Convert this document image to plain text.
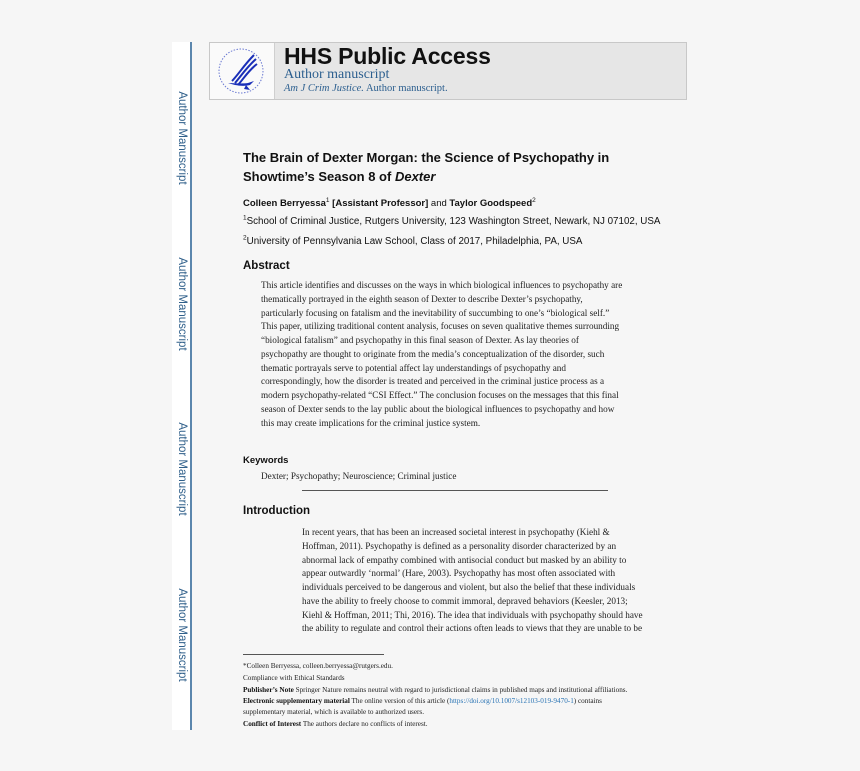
Author Manuscript
Author Manuscript
Author Manuscript
Author Manuscript
HHS Public Access
Author manuscript
Am J Crim Justice. Author manuscript.
The Brain of Dexter Morgan: the Science of Psychopathy in
Showtime’s Season 8 of Dexter
Colleen Berryessa$^1$ [Assistant Professor] and Taylor Goodspeed$^2$
$^1$School of Criminal Justice, Rutgers University, 123 Washington Street, Newark, NJ 07102, USA
$^2$University of Pennsylvania Law School, Class of 2017, Philadelphia, PA, USA
Abstract
This article identifies and discusses on the ways in which biological influences to psychopathy are
thematically portrayed in the eighth season of Dexter to describe Dexter’s psychopathy,
particularly focusing on fatalism and the inevitability of succumbing to one’s “biological self.”
This paper, utilizing traditional content analysis, focuses on seven qualitative themes surrounding
“biological fatalism” and psychopathy in this final season of Dexter. As lay theories of
psychopathy are thought to originate from the media’s conceptualization of the disorder, such
thematic portrayals serve to potential affect lay understandings of psychopathy and
correspondingly, how the disorder is treated and perceived in the criminal justice process as a
modern psychopathy-related “CSI Effect.” The conclusion focuses on the messages that this final
season of Dexter sends to the lay public about the biological influences to psychopathy and how
this may create implications for the criminal justice system.
Keywords
Dexter; Psychopathy; Neuroscience; Criminal justice
Introduction
In recent years, that has been an increased societal interest in psychopathy (Kiehl &
Hoffman, 2011). Psychopathy is defined as a personality disorder characterized by an
abnormal lack of empathy combined with antisocial conduct but masked by an ability to
appear outwardly ‘normal’ (Hare, 2003). Psychopathy has most often associated with
individuals perceived to be dangerous and violent, but also the belief that these individuals
have the ability to freely choose to commit immoral, depraved behaviors (Keesler, 2013;
Kiehl & Hoffman, 2011; Thi, 2016). The idea that individuals with psychopathy should have
the ability to regulate and control their actions often leads to views that they are unable to be
*Colleen Berryessa, colleen.berryessa@rutgers.edu.
Compliance with Ethical Standards
Publisher’s Note Springer Nature remains neutral with regard to jurisdictional claims in published maps and institutional affiliations.
Electronic supplementary material The online version of this article (https://doi.org/10.1007/s12103-019-9470-1) contains
supplementary material, which is available to authorized users.
Conflict of Interest The authors declare no conflicts of interest.
